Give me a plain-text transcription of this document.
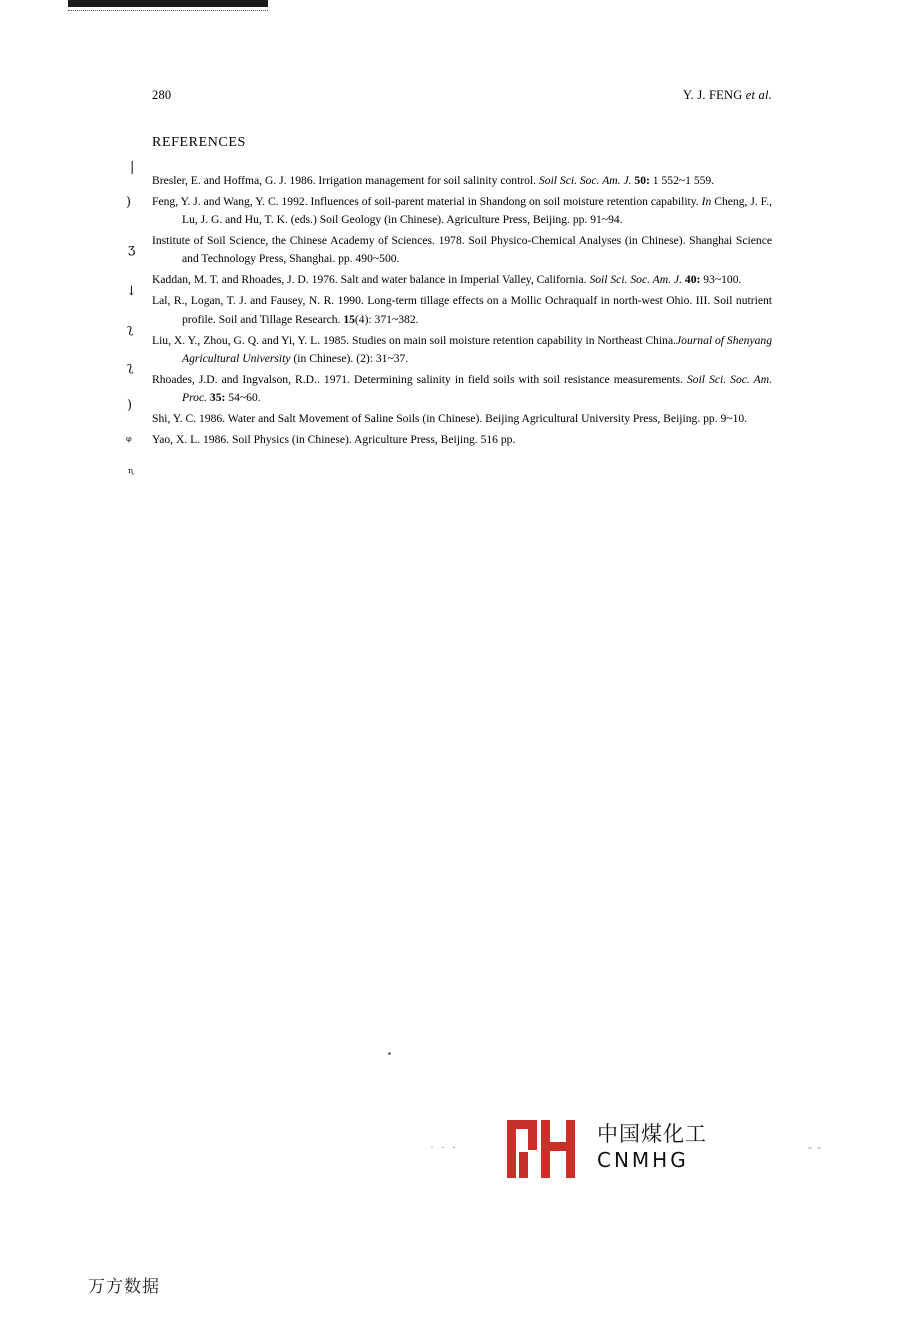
280	Y. J. FENG et al.
REFERENCES
|
)
ʒ
↓
ʅ
ʅ
)
ᵠ
ᶯ

Bresler, E. and Hoffma, G. J. 1986. Irrigation management for soil salinity control. Soil Sci. Soc. Am. J. 50: 1 552~1 559.

Feng, Y. J. and Wang, Y. C. 1992. Influences of soil-parent material in Shandong on soil moisture retention capability. In Cheng, J. F., Lu, J. G. and Hu, T. K. (eds.) Soil Geology (in Chinese). Agriculture Press, Beijing. pp. 91~94.

Institute of Soil Science, the Chinese Academy of Sciences. 1978. Soil Physico-Chemical Analyses (in Chinese). Shanghai Science and Technology Press, Shanghai. pp. 490~500.

Kaddan, M. T. and Rhoades, J. D. 1976. Salt and water balance in Imperial Valley, California. Soil Sci. Soc. Am. J. 40: 93~100.

Lal, R., Logan, T. J. and Fausey, N. R. 1990. Long-term tillage effects on a Mollic Ochraqualf in north-west Ohio. III. Soil nutrient profile. Soil and Tillage Research. 15(4): 371~382.

Liu, X. Y., Zhou, G. Q. and Yi, Y. L. 1985. Studies on main soil moisture retention capability in Northeast China.Journal of Shenyang Agricultural University (in Chinese). (2): 31~37.

Rhoades, J.D. and Ingvalson, R.D.. 1971. Determining salinity in field soils with soil resistance measurements. Soil Sci. Soc. Am. Proc. 35: 54~60.

Shi, Y. C. 1986. Water and Salt Movement of Saline Soils (in Chinese). Beijing Agricultural University Press, Beijing. pp. 9~10.

Yao, X. L. 1986. Soil Physics (in Chinese). Agriculture Press, Beijing. 516 pp.

· · ·	- -
中国煤化工
CNMHG
万方数据
